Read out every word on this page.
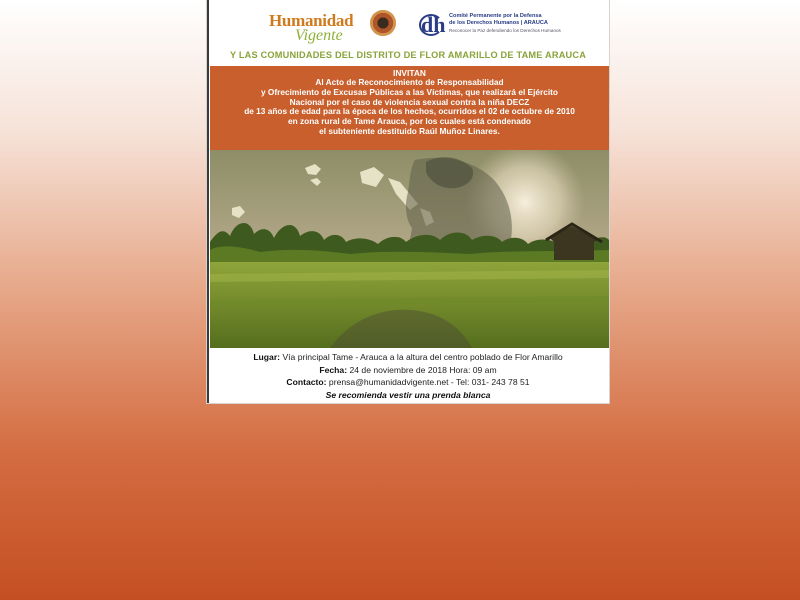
Humanidad
Vigente	dh Comité Permanente por la Defensa
de los Derechos Humanos | ARAUCA
Reconocer la Paz defendiendo los Derechos Humanos
Y LAS COMUNIDADES DEL DISTRITO DE FLOR AMARILLO DE TAME ARAUCA
INVITAN
Al Acto de Reconocimiento de Responsabilidad
y Ofrecimiento de Excusas Públicas a las Víctimas, que realizará el Ejército
Nacional por el caso de violencia sexual contra la niña DECZ
de 13 años de edad para la época de los hechos, ocurridos el 02 de octubre de 2010
en zona rural de Tame Arauca, por los cuales está condenado
el subteniente destituido Raúl Muñoz Linares.
Lugar: Vía principal Tame - Arauca a la altura del centro poblado de Flor Amarillo
Fecha: 24 de noviembre de 2018 Hora: 09 am
Contacto: prensa@humanidadvigente.net - Tel: 031- 243 78 51
Se recomienda vestir una prenda blanca
